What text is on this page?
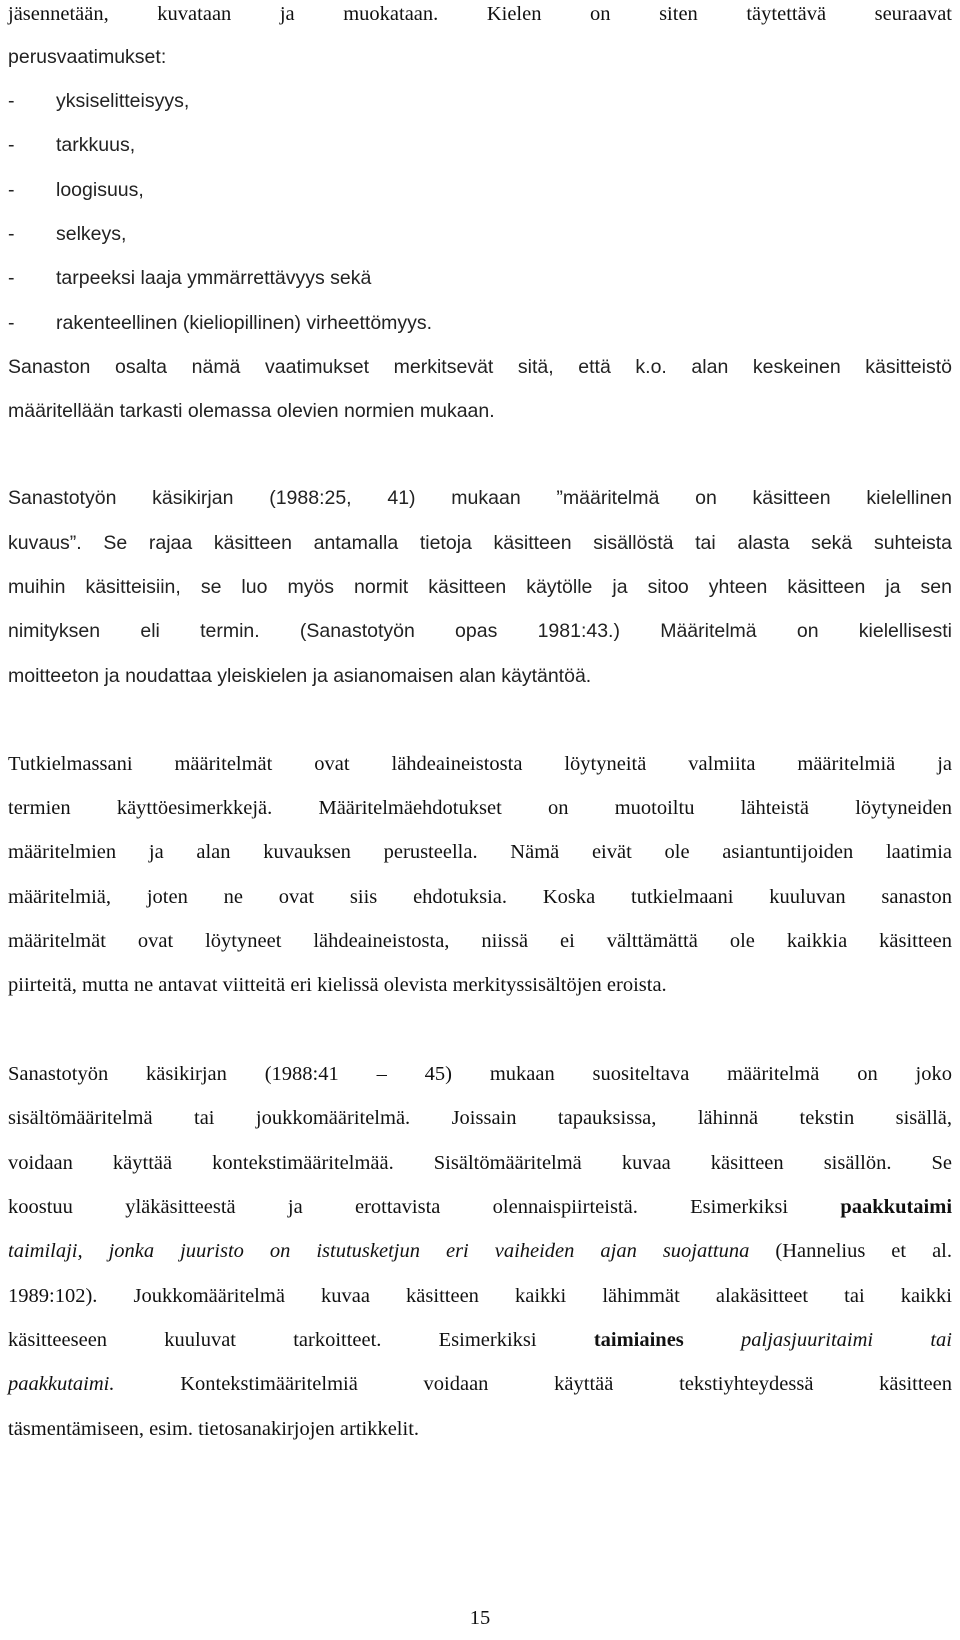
jäsennetään, kuvataan ja muokataan. Kielen on siten täytettävä seuraavat
perusvaatimukset:
- yksiselitteisyys,
- tarkkuus,
- loogisuus,
- selkeys,
- tarpeeksi laaja ymmärrettävyys sekä
- rakenteellinen (kieliopillinen) virheettömyys.
Sanaston osalta nämä vaatimukset merkitsevät sitä, että k.o. alan keskeinen käsitteistö
määritellään tarkasti olemassa olevien normien mukaan.
Sanastotyön käsikirjan (1988:25, 41) mukaan ”määritelmä on käsitteen kielellinen
kuvaus”. Se rajaa käsitteen antamalla tietoja käsitteen sisällöstä tai alasta sekä suhteista
muihin käsitteisiin, se luo myös normit käsitteen käytölle ja sitoo yhteen käsitteen ja sen
nimityksen eli termin. (Sanastotyön opas 1981:43.) Määritelmä on kielellisesti
moitteeton ja noudattaa yleiskielen ja asianomaisen alan käytäntöä.
Tutkielmassani määritelmät ovat lähdeaineistosta löytyneitä valmiita määritelmiä ja
termien käyttöesimerkkejä. Määritelmäehdotukset on muotoiltu lähteistä löytyneiden
määritelmien ja alan kuvauksen perusteella. Nämä eivät ole asiantuntijoiden laatimia
määritelmiä, joten ne ovat siis ehdotuksia. Koska tutkielmaani kuuluvan sanaston
määritelmät ovat löytyneet lähdeaineistosta, niissä ei välttämättä ole kaikkia käsitteen
piirteitä, mutta ne antavat viitteitä eri kielissä olevista merkityssisältöjen eroista.
Sanastotyön käsikirjan (1988:41 – 45) mukaan suositeltava määritelmä on joko
sisältömääritelmä tai joukkomääritelmä. Joissain tapauksissa, lähinnä tekstin sisällä,
voidaan käyttää kontekstimääritelmää. Sisältömääritelmä kuvaa käsitteen sisällön. Se
koostuu yläkäsitteestä ja erottavista olennaispiirteistä. Esimerkiksi	paakkutaimi
taimilaji, jonka juuristo on istutusketjun eri vaiheiden ajan suojattuna (Hannelius et al.
1989:102). Joukkomääritelmä kuvaa käsitteen kaikki lähimmät alakäsitteet tai kaikki
käsitteeseen kuuluvat tarkoitteet. Esimerkiksi	taimiaines	paljasjuuritaimi tai
paakkutaimi.	Kontekstimääritelmiä voidaan käyttää tekstiyhteydessä käsitteen
täsmentämiseen, esim. tietosanakirjojen artikkelit.
15
